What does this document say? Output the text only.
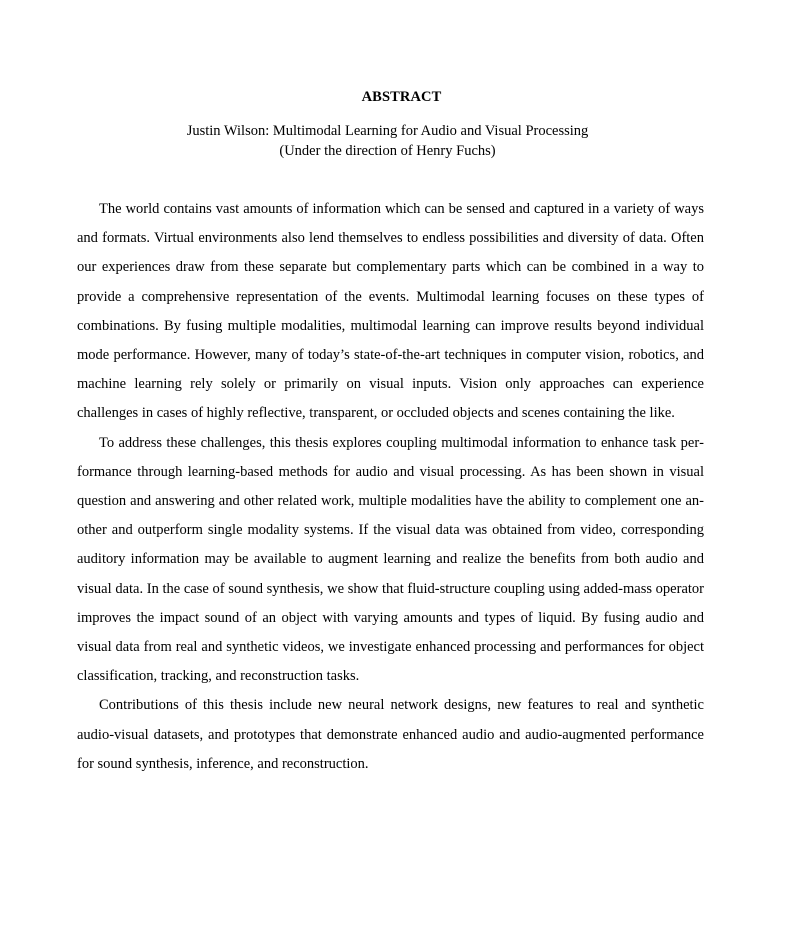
ABSTRACT

Justin Wilson: Multimodal Learning for Audio and Visual Processing

(Under the direction of Henry Fuchs)

The world contains vast amounts of information which can be sensed and captured in a variety of ways and formats. Virtual environments also lend themselves to endless possibilities and diversity of data. Often our experiences draw from these separate but complementary parts which can be combined in a way to provide a comprehensive representation of the events. Multimodal learning focuses on these types of combinations. By fusing multiple modalities, multimodal learning can improve results beyond individual mode performance. However, many of today’s state-of-the-art techniques in computer vision, robotics, and machine learning rely solely or primarily on visual inputs. Vision only approaches can experience challenges in cases of highly reflective, transparent, or occluded objects and scenes containing the like.

To address these challenges, this thesis explores coupling multimodal information to enhance task performance through learning-based methods for audio and visual processing. As has been shown in visual question and answering and other related work, multiple modalities have the ability to complement one another and outperform single modality systems. If the visual data was obtained from video, corresponding auditory information may be available to augment learning and realize the benefits from both audio and visual data. In the case of sound synthesis, we show that fluid-structure coupling using added-mass operator improves the impact sound of an object with varying amounts and types of liquid. By fusing audio and visual data from real and synthetic videos, we investigate enhanced processing and performances for object classification, tracking, and reconstruction tasks.

Contributions of this thesis include new neural network designs, new features to real and synthetic audio-visual datasets, and prototypes that demonstrate enhanced audio and audio-augmented performance for sound synthesis, inference, and reconstruction.
